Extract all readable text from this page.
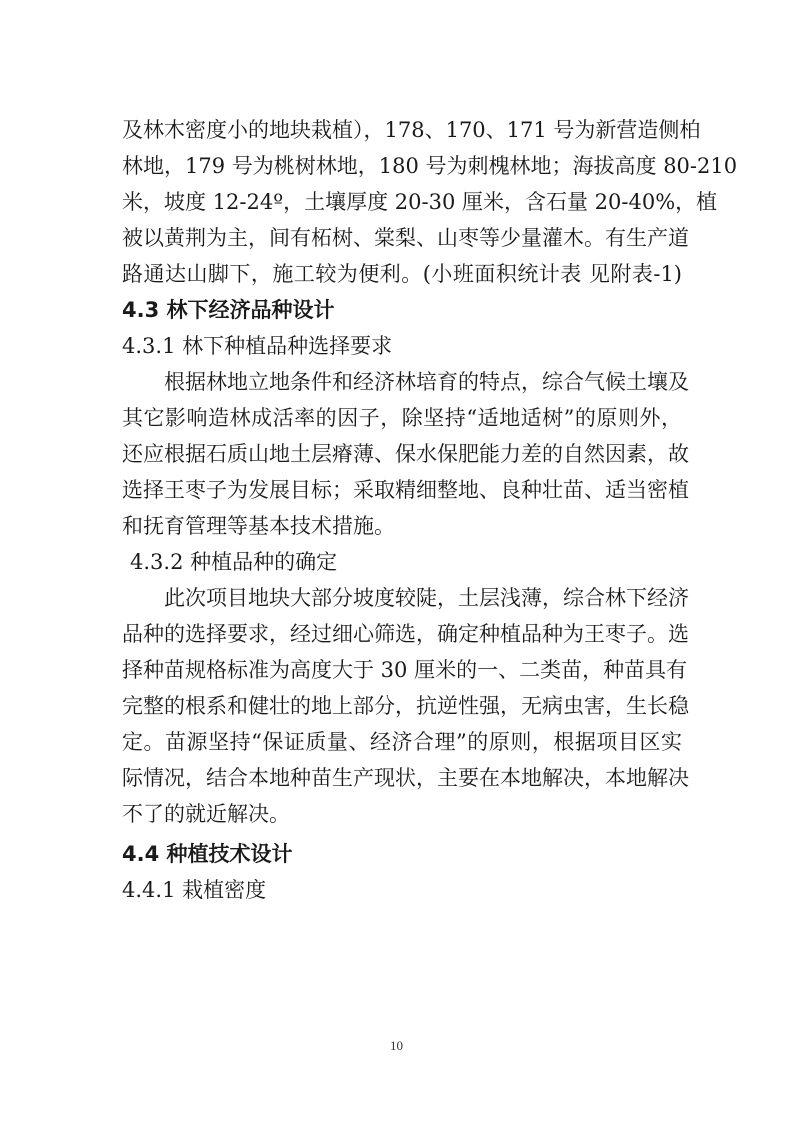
及林木密度小的地块栽植），178、170、171 号为新营造侧柏
林地，179 号为桃树林地，180 号为刺槐林地；海拔高度 80-210
米，坡度 12-24º，土壤厚度 20-30 厘米，含石量 20-40%，植
被以黄荆为主，间有柘树、棠梨、山枣等少量灌木。有生产道
路通达山脚下，施工较为便利。(小班面积统计表 见附表-1)
4.3 林下经济品种设计
4.3.1 林下种植品种选择要求
根据林地立地条件和经济林培育的特点，综合气候土壤及
其它影响造林成活率的因子，除坚持“适地适树”的原则外，
还应根据石质山地土层瘠薄、保水保肥能力差的自然因素，故
选择王枣子为发展目标；采取精细整地、良种壮苗、适当密植
和抚育管理等基本技术措施。
4.3.2 种植品种的确定
此次项目地块大部分坡度较陡，土层浅薄，综合林下经济
品种的选择要求，经过细心筛选，确定种植品种为王枣子。选
择种苗规格标准为高度大于 30 厘米的一、二类苗，种苗具有
完整的根系和健壮的地上部分，抗逆性强，无病虫害，生长稳
10
定。苗源坚持“保证质量、经济合理”的原则，根据项目区实
际情况，结合本地种苗生产现状，主要在本地解决，本地解决
不了的就近解决。
4.4 种植技术设计
4.4.1 栽植密度
